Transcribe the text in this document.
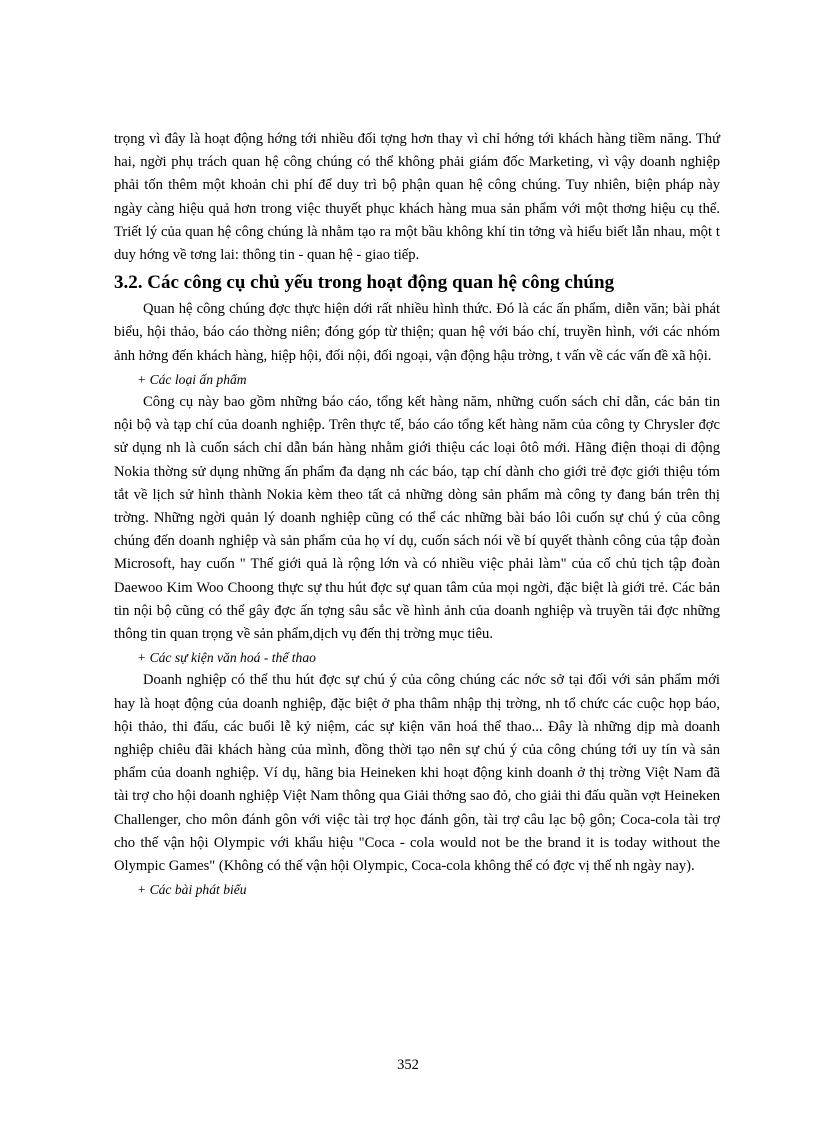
trọng vì đây là hoạt động hớng tới nhiều đối tợng hơn thay vì chỉ hớng tới khách hàng tiềm năng. Thứ hai, ngời phụ trách quan hệ công chúng có thể không phải giám đốc Marketing, vì vậy doanh nghiệp phải tốn thêm một khoản chi phí để duy trì bộ phận quan hệ công chúng. Tuy nhiên, biện pháp này ngày càng hiệu quả hơn trong việc thuyết phục khách hàng mua sản phẩm với một thơng hiệu cụ thể. Triết lý của quan hệ công chúng là nhằm tạo ra một bầu không khí tin tởng và hiểu biết lẫn nhau, một t duy hớng về tơng lai: thông tin - quan hệ - giao tiếp.

3.2. Các công cụ chủ yếu trong hoạt động quan hệ công chúng

Quan hệ công chúng đợc thực hiện dới rất nhiều hình thức. Đó là các ấn phẩm, diễn văn; bài phát biểu, hội thảo, báo cáo thờng niên; đóng góp từ thiện; quan hệ với báo chí, truyền hình, với các nhóm ảnh hởng đến khách hàng, hiệp hội, đối nội, đối ngoại, vận động hậu trờng, t vấn về các vấn đề xã hội.

+ Các loại ấn phẩm

Công cụ này bao gồm những báo cáo, tổng kết hàng năm, những cuốn sách chỉ dẫn, các bản tin nội bộ và tạp chí của doanh nghiệp. Trên thực tế, báo cáo tổng kết hàng năm của công ty Chrysler đợc sử dụng nh là cuốn sách chỉ dẫn bán hàng nhằm giới thiệu các loại ôtô mới. Hãng điện thoại di động Nokia thờng sử dụng những ấn phẩm đa dạng nh các báo, tạp chí dành cho giới trẻ đợc giới thiệu tóm tắt về lịch sử hình thành Nokia kèm theo tất cả những dòng sản phẩm mà công ty đang bán trên thị trờng. Những ngời quản lý doanh nghiệp cũng có thể các những bài báo lôi cuốn sự chú ý của công chúng đến doanh nghiệp và sản phẩm của họ ví dụ, cuốn sách nói về bí quyết thành công của tập đoàn Microsoft, hay cuốn " Thế giới quả là rộng lớn và có nhiều việc phải làm" của cố chủ tịch tập đoàn Daewoo Kim Woo Choong thực sự thu hút đợc sự quan tâm của mọi ngời, đặc biệt là giới trẻ. Các bản tin nội bộ cũng có thể gây đợc ấn tợng sâu sắc về hình ảnh của doanh nghiệp và truyền tải đợc những thông tin quan trọng về sản phẩm,dịch vụ đến thị trờng mục tiêu.

+ Các sự kiện văn hoá - thể thao

Doanh nghiệp có thể thu hút đợc sự chú ý của công chúng các nớc sở tại đối với sản phẩm mới hay là hoạt động của doanh nghiệp, đặc biệt ở pha thâm nhập thị trờng, nh tổ chức các cuộc họp báo, hội thảo, thi đấu, các buổi lễ kỷ niệm, các sự kiện văn hoá thể thao... Đây là những dịp mà doanh nghiệp chiêu đãi khách hàng của mình, đồng thời tạo nên sự chú ý của công chúng tới uy tín và sản phẩm của doanh nghiệp. Ví dụ, hãng bia Heineken khi hoạt động kinh doanh ở thị trờng Việt Nam đã tài trợ cho hội doanh nghiệp Việt Nam thông qua Giải thởng sao đỏ, cho giải thi đấu quần vợt Heineken Challenger, cho môn đánh gôn với việc tài trợ học đánh gôn, tài trợ câu lạc bộ gôn; Coca-cola tài trợ cho thế vận hội Olympic với khẩu hiệu "Coca - cola would not be the brand it is today without the Olympic Games" (Không có thế vận hội Olympic, Coca-cola không thể có đợc vị thế nh ngày nay).

+ Các bài phát biểu

352
